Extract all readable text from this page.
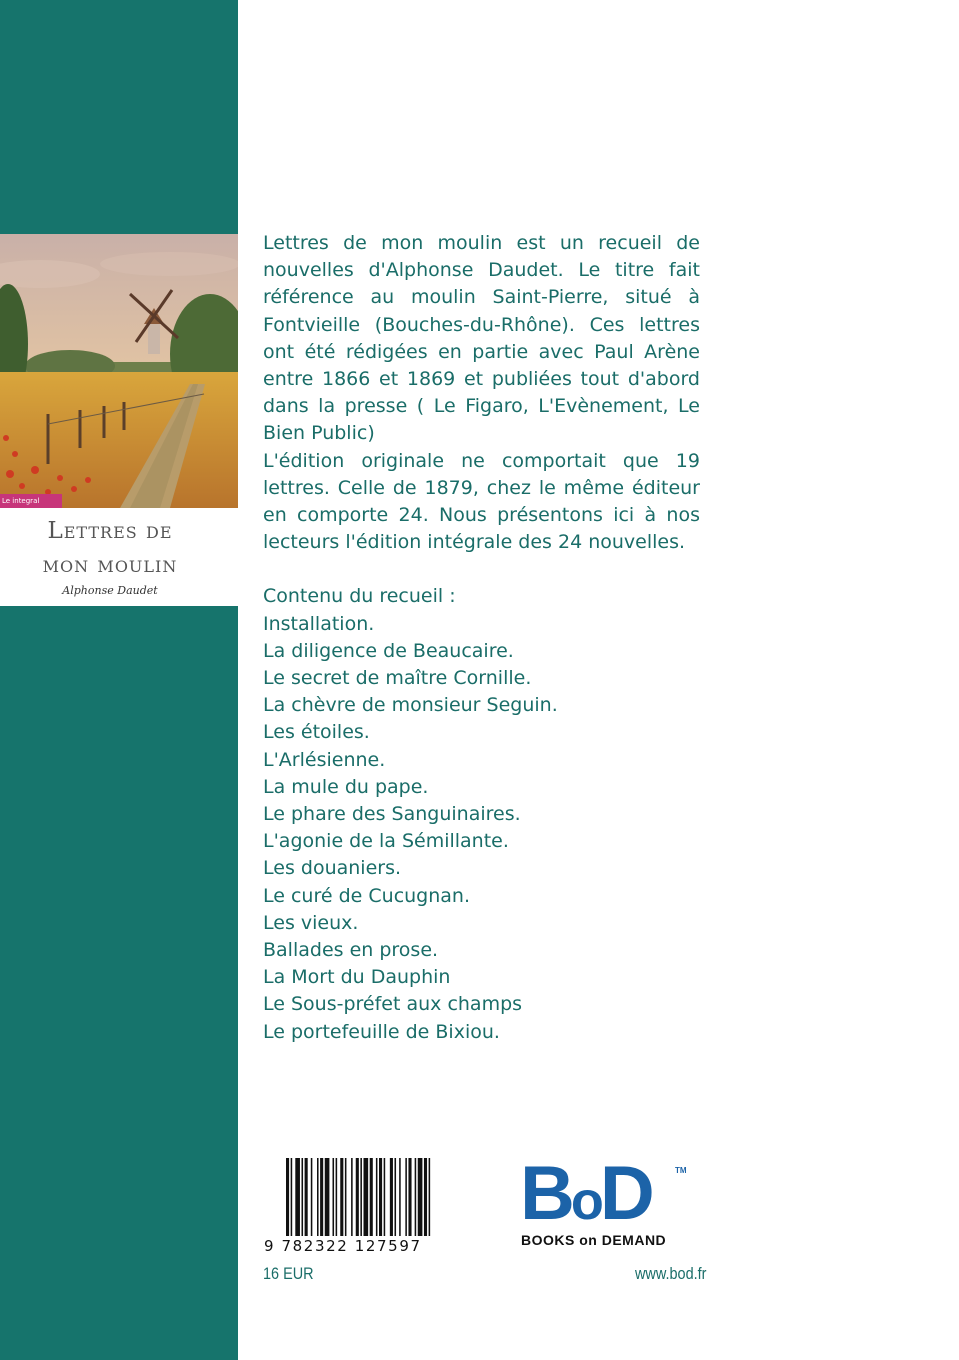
Le integral
Lettres de
mon moulin
Alphonse Daudet

Lettres de mon moulin est un recueil de nouvelles d'Alphonse Daudet. Le titre fait référence au moulin Saint-Pierre, situé à Fontvieille (Bouches-du-Rhône). Ces lettres ont été rédigées en partie avec Paul Arène entre 1866 et 1869 et publiées tout d'abord dans la presse ( Le Figaro, L'Evènement, Le Bien Public)

L'édition originale ne comportait que 19 lettres. Celle de 1879, chez le même éditeur en comporte 24. Nous présentons ici à nos lecteurs l'édition intégrale des 24 nouvelles.

Contenu du recueil :

Installation.
La diligence de Beaucaire.
Le secret de maître Cornille.
La chèvre de monsieur Seguin.
Les étoiles.
L'Arlésienne.
La mule du pape.
Le phare des Sanguinaires.
L'agonie de la Sémillante.
Les douaniers.
Le curé de Cucugnan.
Les vieux.
Ballades en prose.
La Mort du Dauphin
Le Sous-préfet aux champs
Le portefeuille de Bixiou.
9 782322 127597
16 EUR
BoD	TM
BOOKS on DEMAND
www.bod.fr
